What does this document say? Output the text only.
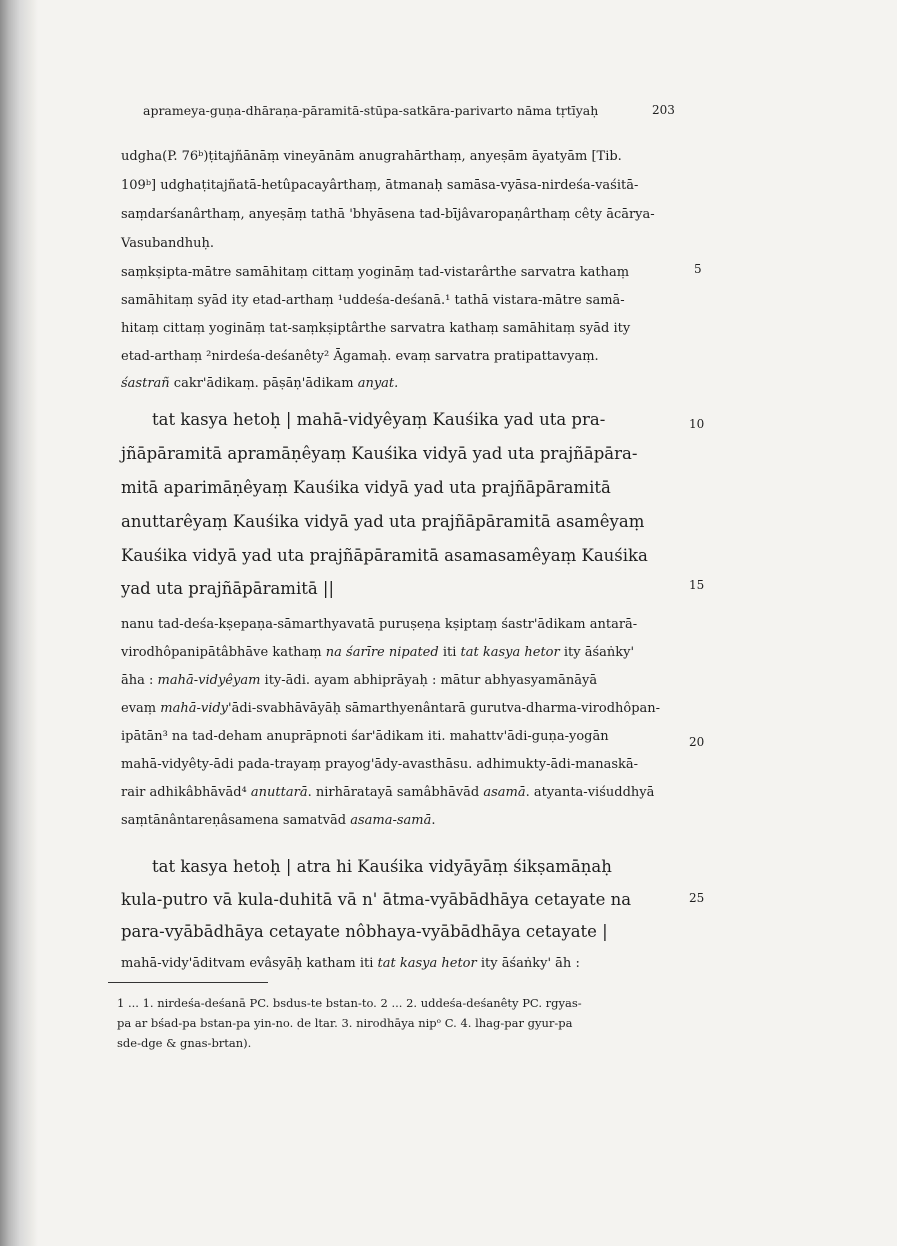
aprameya-guṇa-dhāraṇa-pāramitā-stūpa-satkāra-parivarto nāma tṛtīyaḥ	203
udgha(P. 76ᵇ)ṭitajñānāṃ vineyānām anugrahārthaṃ, anyeṣām āyatyām [Tib.
109ᵇ] udghaṭitajñatā-hetûpacayârthaṃ, ātmanaḥ samāsa-vyāsa-nirdeśa-vaśitā-
saṃdarśanârthaṃ, anyeṣāṃ tathā 'bhyāsena tad-bījâvaropaṇârthaṃ cêty ācārya-
Vasubandhuḥ.
saṃkṣipta-mātre samāhitaṃ cittaṃ yogināṃ tad-vistarârthe sarvatra kathaṃ
samāhitaṃ syād ity etad-arthaṃ ¹uddeśa-deśanā.¹ tathā vistara-mātre samā-
hitaṃ cittaṃ yogināṃ tat-saṃkṣiptârthe sarvatra kathaṃ samāhitaṃ syād ity
etad-arthaṃ ²nirdeśa-deśanêty² Āgamaḥ. evaṃ sarvatra pratipattavyaṃ.
śastrañ cakr'ādikaṃ. pāṣāṇ'ādikam anyat.
tat kasya hetoḥ | mahā-vidyêyaṃ Kauśika yad uta pra-
jñāpāramitā apramāṇêyaṃ Kauśika vidyā yad uta prajñāpāra-
mitā aparimāṇêyaṃ Kauśika vidyā yad uta prajñāpāramitā
anuttarêyaṃ Kauśika vidyā yad uta prajñāpāramitā asamêyaṃ
Kauśika vidyā yad uta prajñāpāramitā asamasamêyaṃ Kauśika
yad uta prajñāpāramitā ||
nanu tad-deśa-kṣepaṇa-sāmarthyavatā puruṣeṇa kṣiptaṃ śastr'ādikam antarā-
virodhôpanipātâbhāve kathaṃ na śarīre nipated iti tat kasya hetor ity āśaṅky'
āha : mahā-vidyêyam ity-ādi. ayam abhiprāyaḥ : mātur abhyasyamānāyā
evaṃ mahā-vidy'ādi-svabhāvāyāḥ sāmarthyenântarā gurutva-dharma-virodhôpan-
ipātān³ na tad-deham anuprāpnoti śar'ādikam iti. mahattv'ādi-guṇa-yogān
mahā-vidyêty-ādi pada-trayaṃ prayog'ādy-avasthāsu. adhimukty-ādi-manaskā-
rair adhikâbhāvād⁴ anuttarā. nirhāratayā samâbhāvād asamā. atyanta-viśuddhyā
saṃtānântareṇâsamena samatvād asama-samā.
tat kasya hetoḥ | atra hi Kauśika vidyāyāṃ śikṣamāṇaḥ
kula-putro vā kula-duhitā vā n' ātma-vyābādhāya cetayate na
para-vyābādhāya cetayate nôbhaya-vyābādhāya cetayate |
mahā-vidy'āditvam evâsyāḥ katham iti tat kasya hetor ity āśaṅky' āh :
5
10
15
20
25
1 ... 1. nirdeśa-deśanā PC. bsdus-te bstan-to. 2 ... 2. uddeśa-deśanêty PC. rgyas-
pa ar bśad-pa bstan-pa yin-no. de ltar. 3. nirodhāya nipᵒ C. 4. lhag-par gyur-pa
sde-dge & gnas-brtan).
